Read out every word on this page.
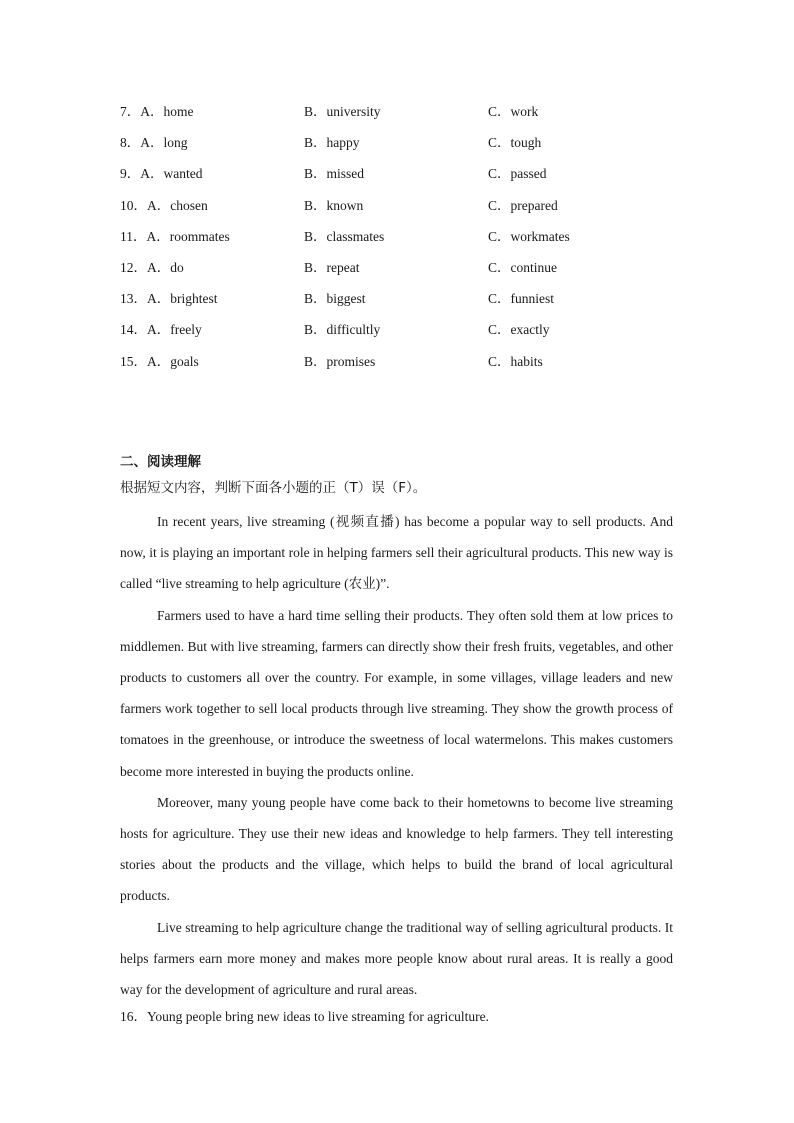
7．A．home	B．university	C．work
8．A．long	B．happy	C．tough
9．A．wanted	B．missed	C．passed
10．A．chosen	B．known	C．prepared
11．A．roommates	B．classmates	C．workmates
12．A．do	B．repeat	C．continue
13．A．brightest	B．biggest	C．funniest
14．A．freely	B．difficultly	C．exactly
15．A．goals	B．promises	C．habits
二、阅读理解
根据短文内容，判断下面各小题的正（T）误（F）。

In recent years, live streaming (视频直播) has become a popular way to sell products. And now, it is playing an important role in helping farmers sell their agricultural products. This new way is called “live streaming to help agriculture (农业)”.

Farmers used to have a hard time selling their products. They often sold them at low prices to middlemen. But with live streaming, farmers can directly show their fresh fruits, vegetables, and other products to customers all over the country. For example, in some villages, village leaders and new farmers work together to sell local products through live streaming. They show the growth process of tomatoes in the greenhouse, or introduce the sweetness of local watermelons. This makes customers become more interested in buying the products online.

Moreover, many young people have come back to their hometowns to become live streaming hosts for agriculture. They use their new ideas and knowledge to help farmers. They tell interesting stories about the products and the village, which helps to build the brand of local agricultural products.

Live streaming to help agriculture change the traditional way of selling agricultural products. It helps farmers earn more money and makes more people know about rural areas. It is really a good way for the development of agriculture and rural areas.

16．Young people bring new ideas to live streaming for agriculture.
